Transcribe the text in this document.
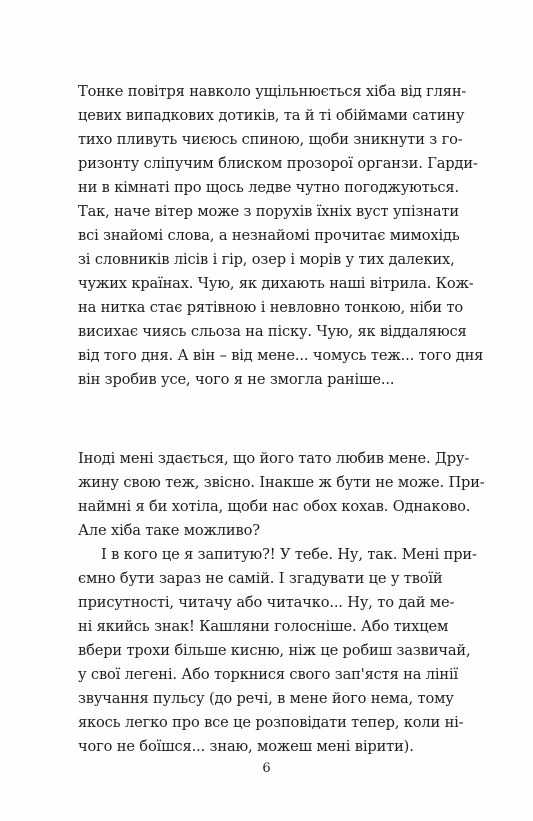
Тонке повітря навколо ущільнюється хіба від глян-
цевих випадкових дотиків, та й ті обіймами сатину
тихо пливуть чиєюсь спиною, щоби зникнути з го-
ризонту сліпучим блиском прозорої органзи. Гарди-
ни в кімнаті про щось ледве чутно погоджуються.
Так, наче вітер може з порухів їхніх вуст упізнати
всі знайомі слова, а незнайомі прочитає мимохідь
зі словників лісів і гір, озер і морів у тих далеких,
чужих країнах. Чую, як дихають наші вітрила. Кож-
на нитка стає рятівною і невловно тонкою, ніби то
висихає чиясь сльоза на піску. Чую, як віддаляюся
від того дня. А він – від мене... чомусь теж... того дня
він зробив усе, чого я не змогла раніше...
Іноді мені здається, що його тато любив мене. Дру-
жину свою теж, звісно. Інакше ж бути не може. При-
наймні я би хотіла, щоби нас обох кохав. Однаково.
Але хіба таке можливо?
І в кого це я запитую?! У тебе. Ну, так. Мені при-
ємно бути зараз не самій. І згадувати це у твоїй
присутності, читачу або читачко... Ну, то дай ме-
ні якийсь знак! Кашляни голосніше. Або тихцем
вбери трохи більше кисню, ніж це робиш зазвичай,
у свої легені. Або торкнися свого зап'ястя на лінії
звучання пульсу (до речі, в мене його нема, тому
якось легко про все це розповідати тепер, коли ні-
чого не боїшся... знаю, можеш мені вірити).
6
